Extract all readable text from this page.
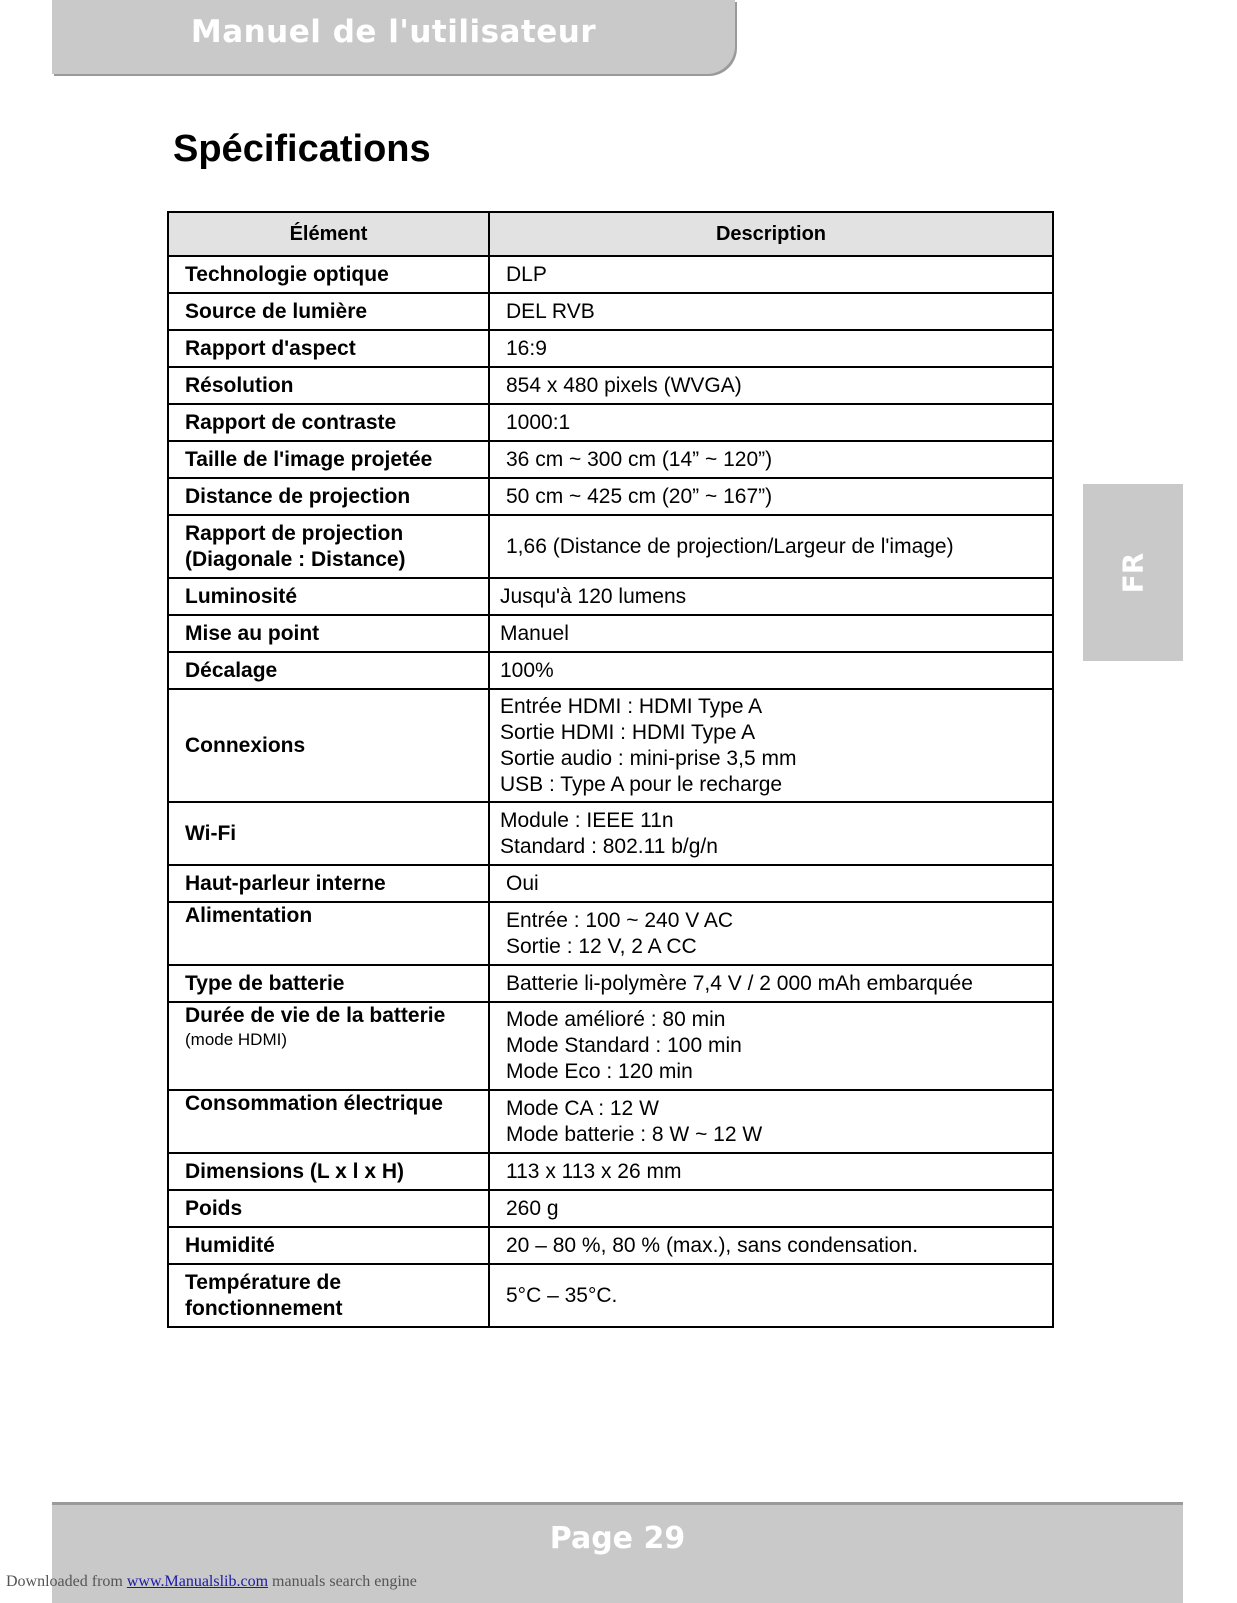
Manuel de l'utilisateur
Spécifications
FR
Élément	Description
Technologie optique	DLP

Source de lumière	DEL RVB

Rapport d'aspect	16:9

Résolution	854 x 480 pixels (WVGA)

Rapport de contraste	1000:1

Taille de l'image projetée	36 cm ~ 300 cm (14” ~ 120”)

Distance de projection	50 cm ~ 425 cm (20” ~ 167”)

Rapport de projection (Diagonale : Distance)	1,66 (Distance de projection/Largeur de l'image)

Luminosité	Jusqu'à 120 lumens

Mise au point	Manuel

Décalage	100%

Connexions	Entrée HDMI : HDMI Type A
Sortie HDMI : HDMI Type A
Sortie audio : mini-prise 3,5 mm
USB : Type A pour le recharge

Wi-Fi	Module : IEEE 11n
Standard : 802.11 b/g/n

Haut-parleur interne	Oui

Alimentation	Entrée : 100 ~ 240 V AC
Sortie : 12 V, 2 A CC

Type de batterie	Batterie li-polymère 7,4 V / 2 000 mAh embarquée

Durée de vie de la batterie
(mode HDMI)	Mode amélioré : 80 min
Mode Standard : 100 min
Mode Eco : 120 min

Consommation électrique	Mode CA : 12 W
Mode batterie : 8 W ~ 12 W

Dimensions (L x l x H)	113 x 113 x 26 mm

Poids	260 g

Humidité	20 – 80 %, 80 % (max.), sans condensation.

Température de fonctionnement	5°C – 35°C.
Page 29
Downloaded from www.Manualslib.com manuals search engine
